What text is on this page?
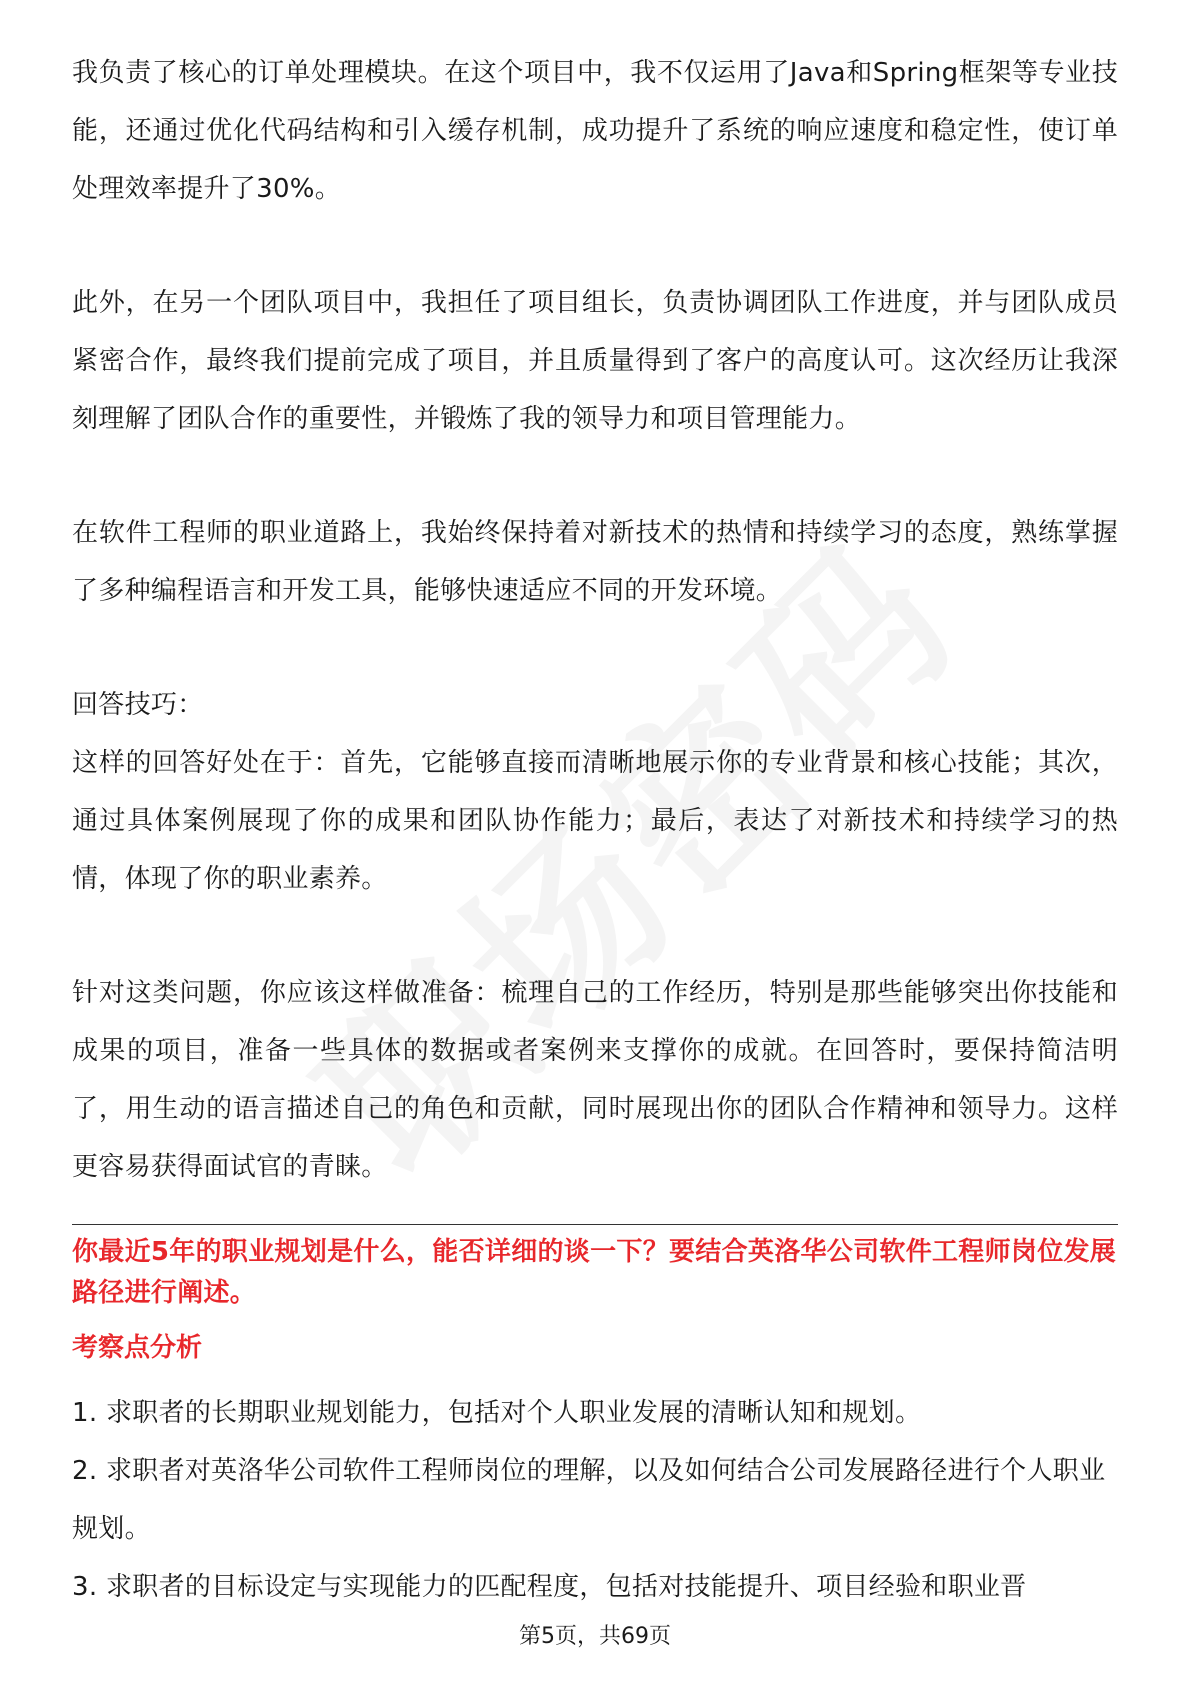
我负责了核心的订单处理模块。在这个项目中，我不仅运用了Java和Spring框架等专业技能，还通过优化代码结构和引入缓存机制，成功提升了系统的响应速度和稳定性，使订单处理效率提升了30%。

此外，在另一个团队项目中，我担任了项目组长，负责协调团队工作进度，并与团队成员紧密合作，最终我们提前完成了项目，并且质量得到了客户的高度认可。这次经历让我深刻理解了团队合作的重要性，并锻炼了我的领导力和项目管理能力。

在软件工程师的职业道路上，我始终保持着对新技术的热情和持续学习的态度，熟练掌握了多种编程语言和开发工具，能够快速适应不同的开发环境。

回答技巧：

这样的回答好处在于：首先，它能够直接而清晰地展示你的专业背景和核心技能；其次，通过具体案例展现了你的成果和团队协作能力；最后，表达了对新技术和持续学习的热情，体现了你的职业素养。

针对这类问题，你应该这样做准备：梳理自己的工作经历，特别是那些能够突出你技能和成果的项目，准备一些具体的数据或者案例来支撑你的成就。在回答时，要保持简洁明了，用生动的语言描述自己的角色和贡献，同时展现出你的团队合作精神和领导力。这样更容易获得面试官的青睐。

你最近5年的职业规划是什么，能否详细的谈一下？要结合英洛华公司软件工程师岗位发展路径进行阐述。

考察点分析

1. 求职者的长期职业规划能力，包括对个人职业发展的清晰认知和规划。
2. 求职者对英洛华公司软件工程师岗位的理解，以及如何结合公司发展路径进行个人职业规划。
3. 求职者的目标设定与实现能力的匹配程度，包括对技能提升、项目经验和职业晋
第5页，共69页
